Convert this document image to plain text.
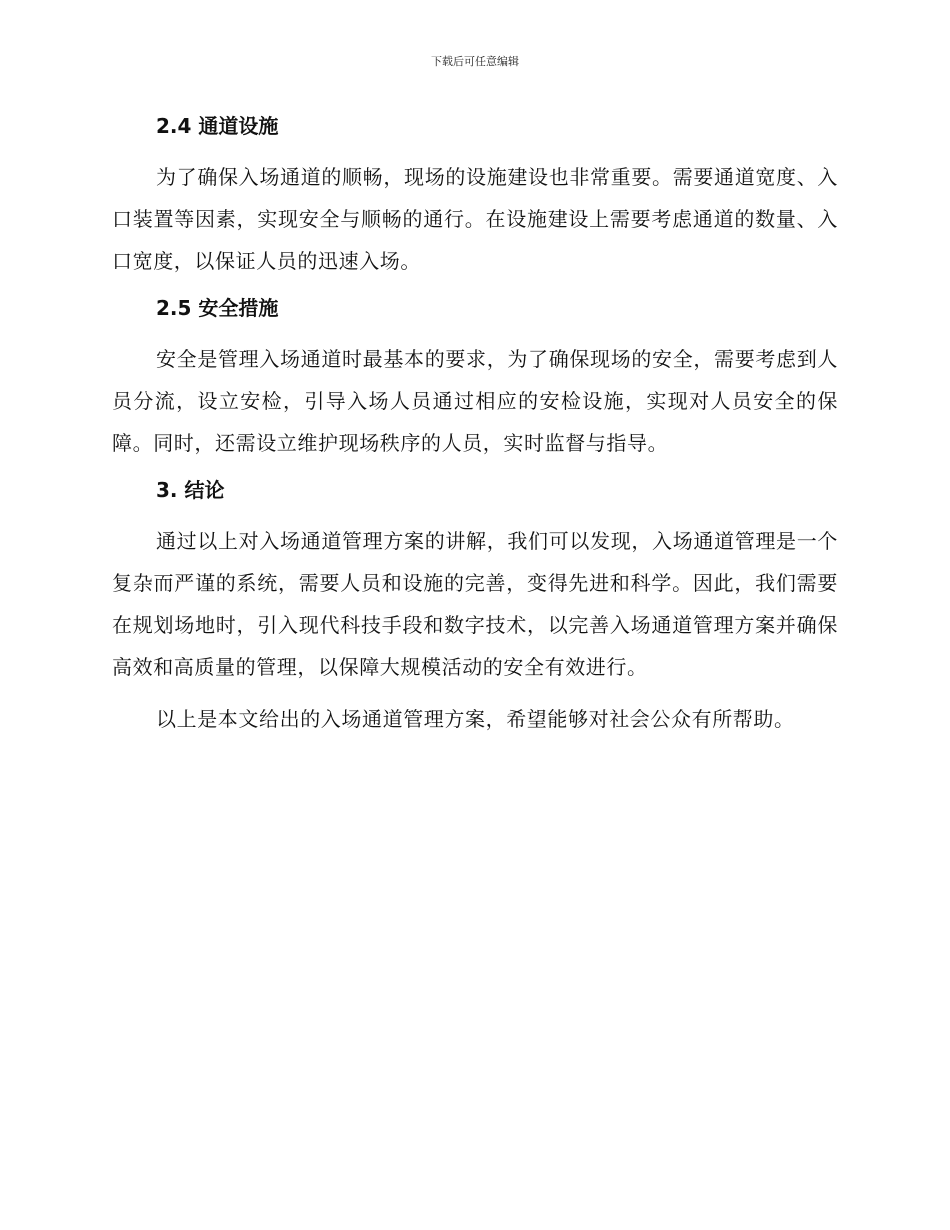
下载后可任意编辑
2.4 通道设施

为了确保入场通道的顺畅，现场的设施建设也非常重要。需要通道宽度、入口装置等因素，实现安全与顺畅的通行。在设施建设上需要考虑通道的数量、入口宽度，以保证人员的迅速入场。

2.5 安全措施

安全是管理入场通道时最基本的要求，为了确保现场的安全，需要考虑到人员分流，设立安检，引导入场人员通过相应的安检设施，实现对人员安全的保障。同时，还需设立维护现场秩序的人员，实时监督与指导。

3. 结论

通过以上对入场通道管理方案的讲解，我们可以发现，入场通道管理是一个复杂而严谨的系统，需要人员和设施的完善，变得先进和科学。因此，我们需要在规划场地时，引入现代科技手段和数字技术，以完善入场通道管理方案并确保高效和高质量的管理，以保障大规模活动的安全有效进行。

以上是本文给出的入场通道管理方案，希望能够对社会公众有所帮助。
